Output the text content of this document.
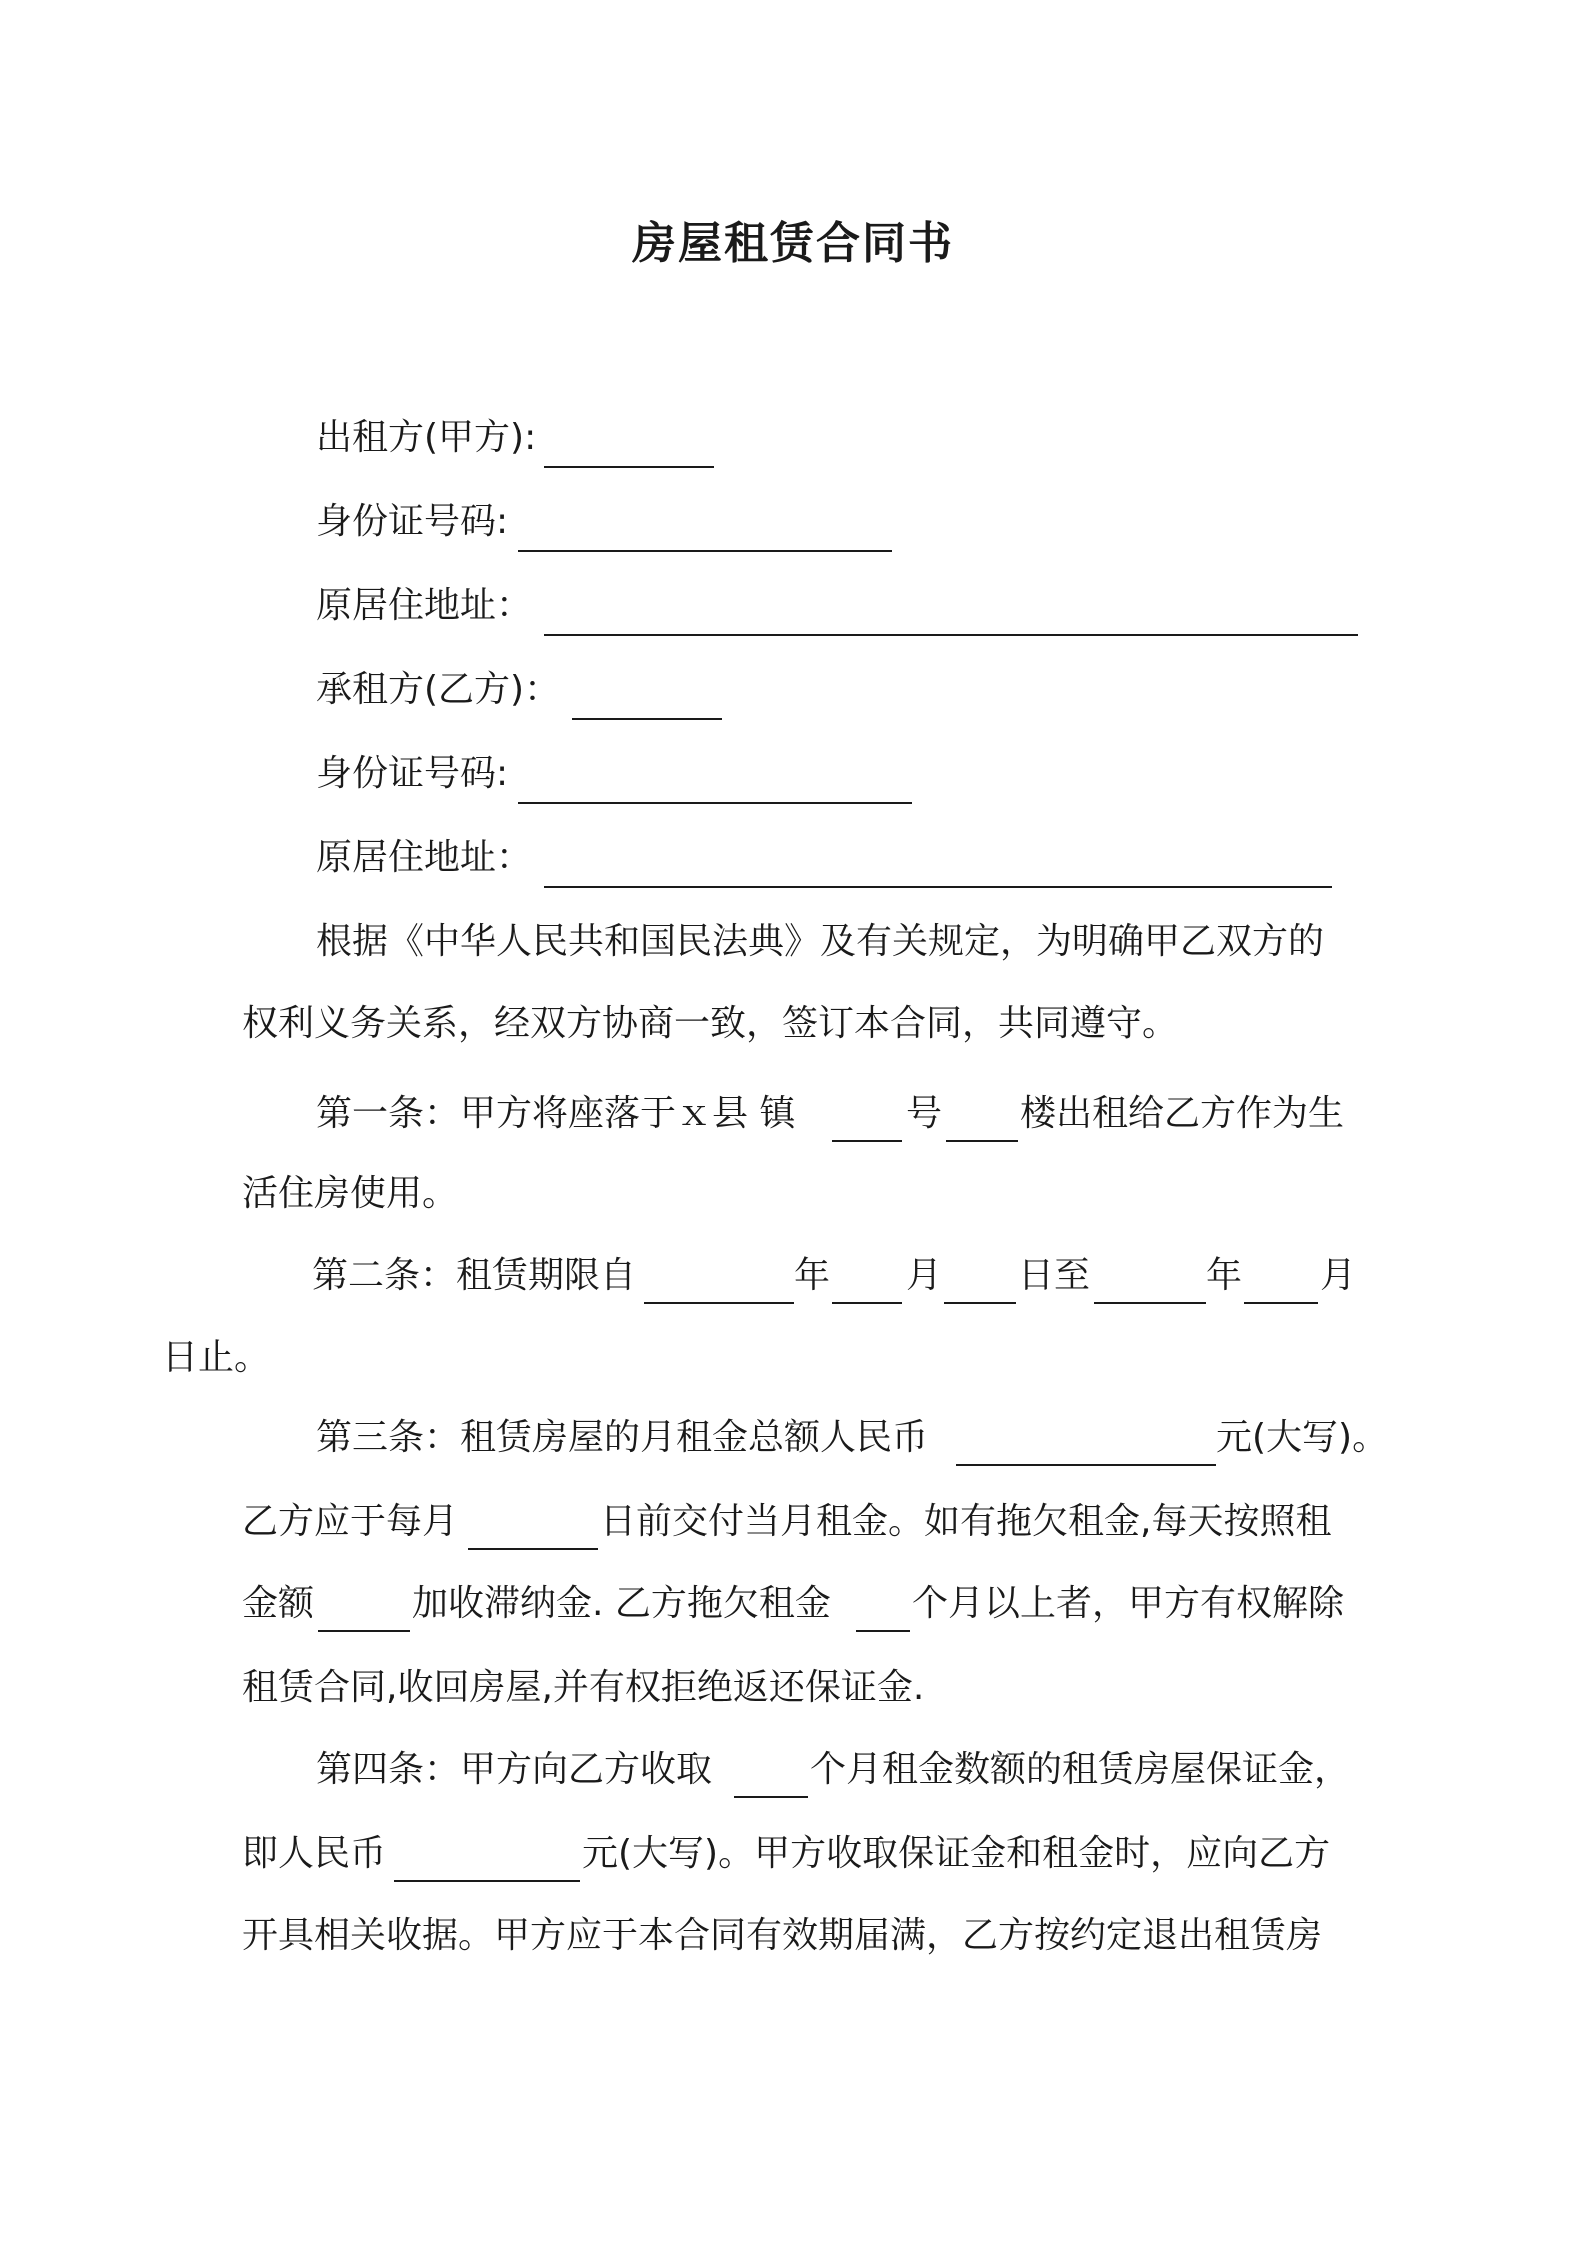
房屋租赁合同书
出租方(甲方):
身份证号码:
原居住地址：
承租方(乙方)：
身份证号码:
原居住地址：
根据《中华人民共和国民法典》及有关规定，为明确甲乙双方的
权利义务关系，经双方协商一致，签订本合同，共同遵守。
第一条：甲方将座落于ｘ县 镇	号 楼出租给乙方作为生
活住房使用。
第二条：租赁期限自	年 月 日至	年 月
日止。
第三条：租赁房屋的月租金总额人民币	元(大写)。
乙方应于每月	日前交付当月租金。如有拖欠租金,每天按照租
金额	加收滞纳金. 乙方拖欠租金 个月以上者，甲方有权解除
租赁合同,收回房屋,并有权拒绝返还保证金.
第四条：甲方向乙方收取	个月租金数额的租赁房屋保证金，
即人民币	元(大写)。甲方收取保证金和租金时，应向乙方
开具相关收据。甲方应于本合同有效期届满，乙方按约定退出租赁房
